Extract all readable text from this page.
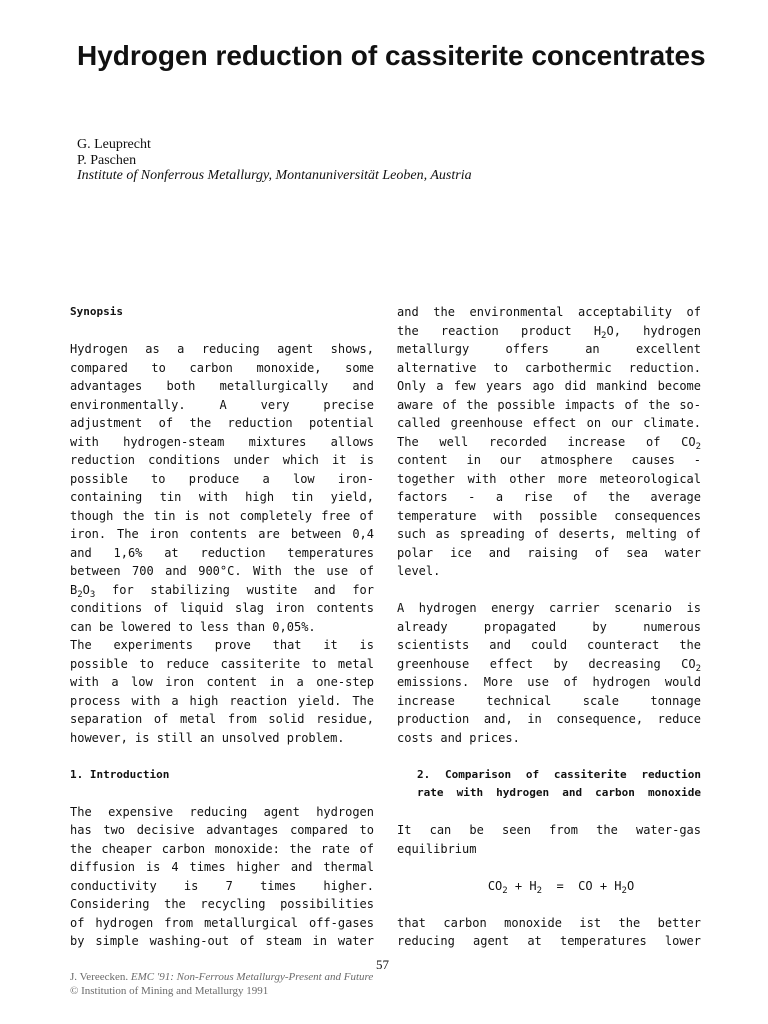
Hydrogen reduction of cassiterite concentrates
G. Leuprecht
P. Paschen
Institute of Nonferrous Metallurgy, Montanuniversität Leoben, Austria

Synopsis

Hydrogen as a reducing agent shows,

compared to carbon monoxide, some

advantages both metallurgically and

environmentally. A very precise

adjustment of the reduction potential

with hydrogen-steam mixtures allows

reduction conditions under which it is

possible to produce a low iron-

containing tin with high tin yield,

though the tin is not completely free of

iron. The iron contents are between 0,4

and 1,6% at reduction temperatures

between 700 and 900°C. With the use of

$B_2O_3$ for stabilizing wustite and for

conditions of liquid slag iron contents

can be lowered to less than 0,05%.

The experiments prove that it is

possible to reduce cassiterite to metal

with a low iron content in a one-step

process with a high reaction yield. The

separation of metal from solid residue,

however, is still an unsolved problem.

1. Introduction

The expensive reducing agent hydrogen

has two decisive advantages compared to

the cheaper carbon monoxide: the rate of

diffusion is 4 times higher and thermal

conductivity is 7 times higher.

Considering the recycling possibilities

of hydrogen from metallurgical off-gases

by simple washing-out of steam in water

and the environmental acceptability of

the reaction product $H_2O$, hydrogen

metallurgy offers an excellent

alternative to carbothermic reduction.

Only a few years ago did mankind become

aware of the possible impacts of the so-

called greenhouse effect on our climate.

The well recorded increase of $CO_2$

content in our atmosphere causes -

together with other more meteorological

factors - a rise of the average

temperature with possible consequences

such as spreading of deserts, melting of

polar ice and raising of sea water

level.

A hydrogen energy carrier scenario is

already propagated by numerous

scientists and could counteract the

greenhouse effect by decreasing $CO_2$

emissions. More use of hydrogen would

increase technical scale tonnage

production and, in consequence, reduce

costs and prices.

2. Comparison of cassiterite reduction

rate with hydrogen and carbon monoxide

It can be seen from the water-gas

equilibrium

$CO_2 + H_2$  =  CO + $H_2O$

that carbon monoxide ist the better

reducing agent at temperatures lower

57
J. Vereecken. EMC '91: Non-Ferrous Metallurgy-Present and Future
© Institution of Mining and Metallurgy 1991
